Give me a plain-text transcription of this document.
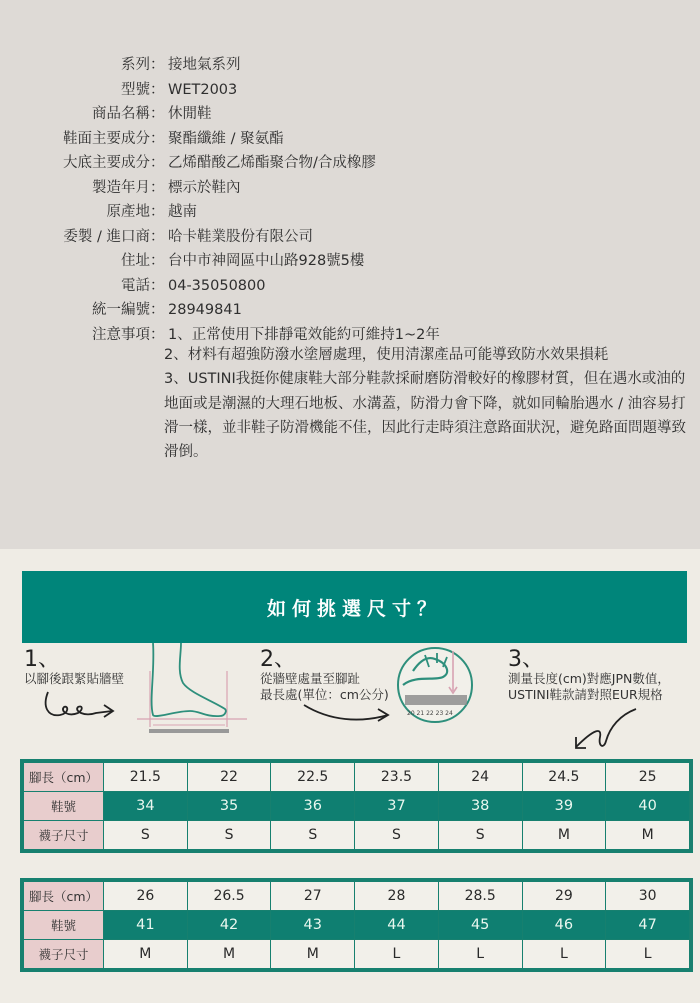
系列 ： 接地氣系列
型號 ： WET2003
商品名稱 ： 休閒鞋
鞋面主要成分 ： 聚酯纖維 / 聚氨酯
大底主要成分 ： 乙烯醋酸乙烯酯聚合物/合成橡膠
製造年月 ： 標示於鞋內
原產地 ： 越南
委製 / 進口商 ： 哈卡鞋業股份有限公司
住址 ： 台中市神岡區中山路928號5樓
電話 ： 04-35050800
統一編號 ： 28949841
注意事項 ： 1、正常使用下排靜電效能約可維持1~2年
2、材料有超強防潑水塗層處理，使用清潔產品可能導致防水效果損耗
3、USTINI我挺你健康鞋大部分鞋款採耐磨防滑較好的橡膠材質，但在遇水或油的地面或是潮濕的大理石地板、水溝蓋，防滑力會下降，就如同輪胎遇水 / 油容易打滑一樣，並非鞋子防滑機能不佳，因此行走時須注意路面狀況，避免路面問題導致滑倒。
如何挑選尺寸？
1、
以腳後跟緊貼牆壁
2、
從牆壁處量至腳趾
最長處(單位：cm公分)
20 21 22 23 24
3、
測量長度(cm)對應JPN數值，
USTINI鞋款請對照EUR規格
腳長（cm）	21.5	22	22.5	23.5	24	24.5	25
鞋號	34	35	36	37	38	39	40
襪子尺寸	S	S	S	S	S	M	M
腳長（cm）	26	26.5	27	28	28.5	29	30
鞋號	41	42	43	44	45	46	47
襪子尺寸	M	M	M	L	L	L	L
